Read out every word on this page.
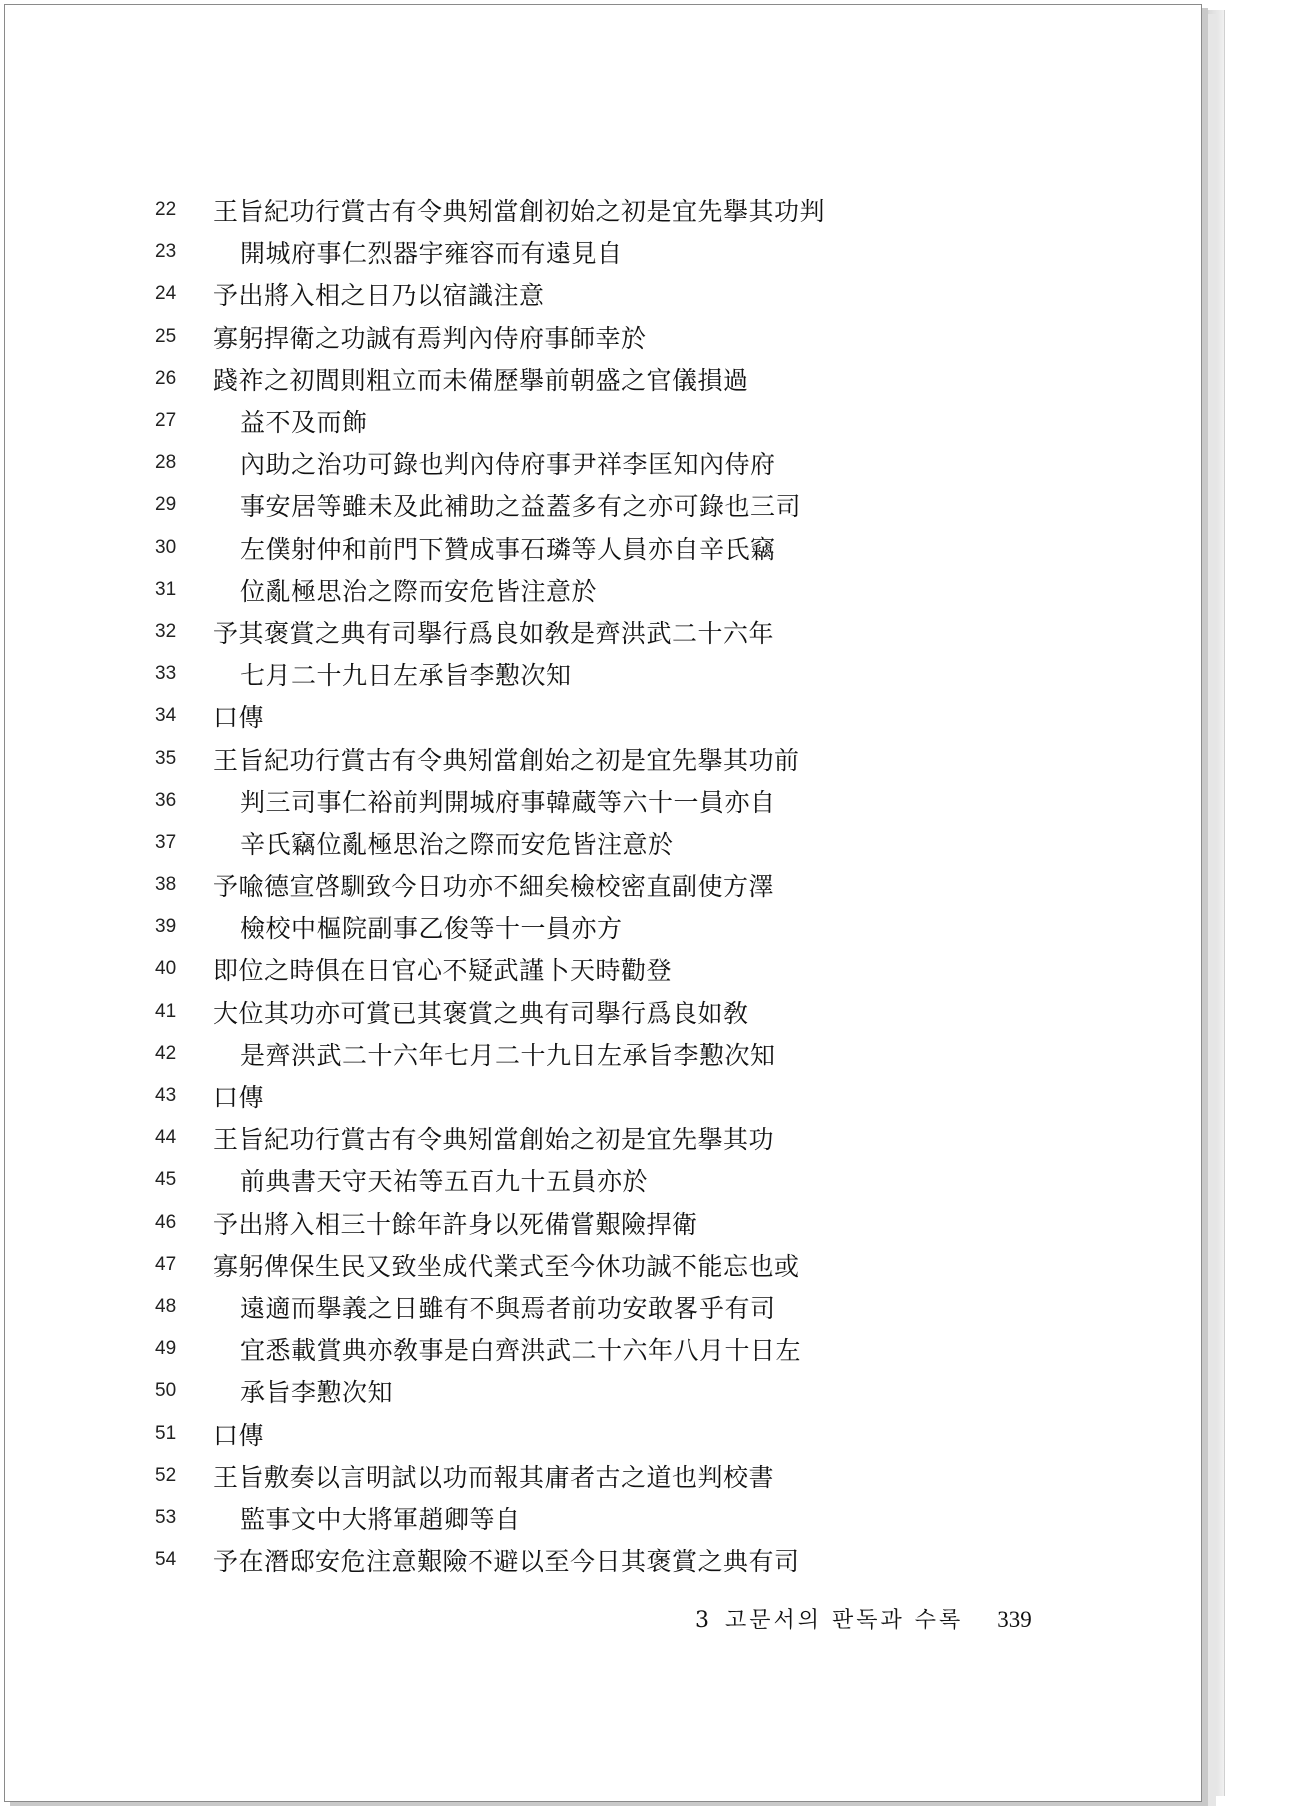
22	王旨紀功行賞古有令典矧當創初始之初是宜先擧其功判
23	開城府事仁烈器宇雍容而有遠見自
24	予出將入相之日乃以宿識注意
25	寡躬捍衛之功誠有焉判內侍府事師幸於
26	踐祚之初閭則粗立而未備歷擧前朝盛之官儀損過
27	益不及而飾
28	內助之治功可錄也判內侍府事尹祥李匡知內侍府
29	事安居等雖未及此補助之益蓋多有之亦可錄也三司
30	左僕射仲和前門下贊成事石璘等人員亦自辛氏竊
31	位亂極思治之際而安危皆注意於
32	予其褒賞之典有司擧行爲良如敎是齊洪武二十六年
33	七月二十九日左承旨李懃次知
34	口傳
35	王旨紀功行賞古有令典矧當創始之初是宜先擧其功前
36	判三司事仁裕前判開城府事韓蔵等六十一員亦自
37	辛氏竊位亂極思治之際而安危皆注意於
38	予喩德宣啓馴致今日功亦不細矣檢校密直副使方澤
39	檢校中樞院副事乙俊等十一員亦方
40	即位之時俱在日官心不疑武謹卜天時勸登
41	大位其功亦可賞已其褒賞之典有司擧行爲良如敎
42	是齊洪武二十六年七月二十九日左承旨李懃次知
43	口傳
44	王旨紀功行賞古有令典矧當創始之初是宜先擧其功
45	前典書天守天祐等五百九十五員亦於
46	予出將入相三十餘年許身以死備嘗艱險捍衛
47	寡躬俾保生民又致坐成代業式至今休功誠不能忘也或
48	遠適而擧義之日雖有不與焉者前功安敢畧乎有司
49	宜悉載賞典亦敎事是白齊洪武二十六年八月十日左
50	承旨李懃次知
51	口傳
52	王旨敷奏以言明試以功而報其庸者古之道也判校書
53	監事文中大將軍趙卿等自
54	予在潛邸安危注意艱險不避以至今日其褒賞之典有司
3 고문서의 판독과 수록 339
